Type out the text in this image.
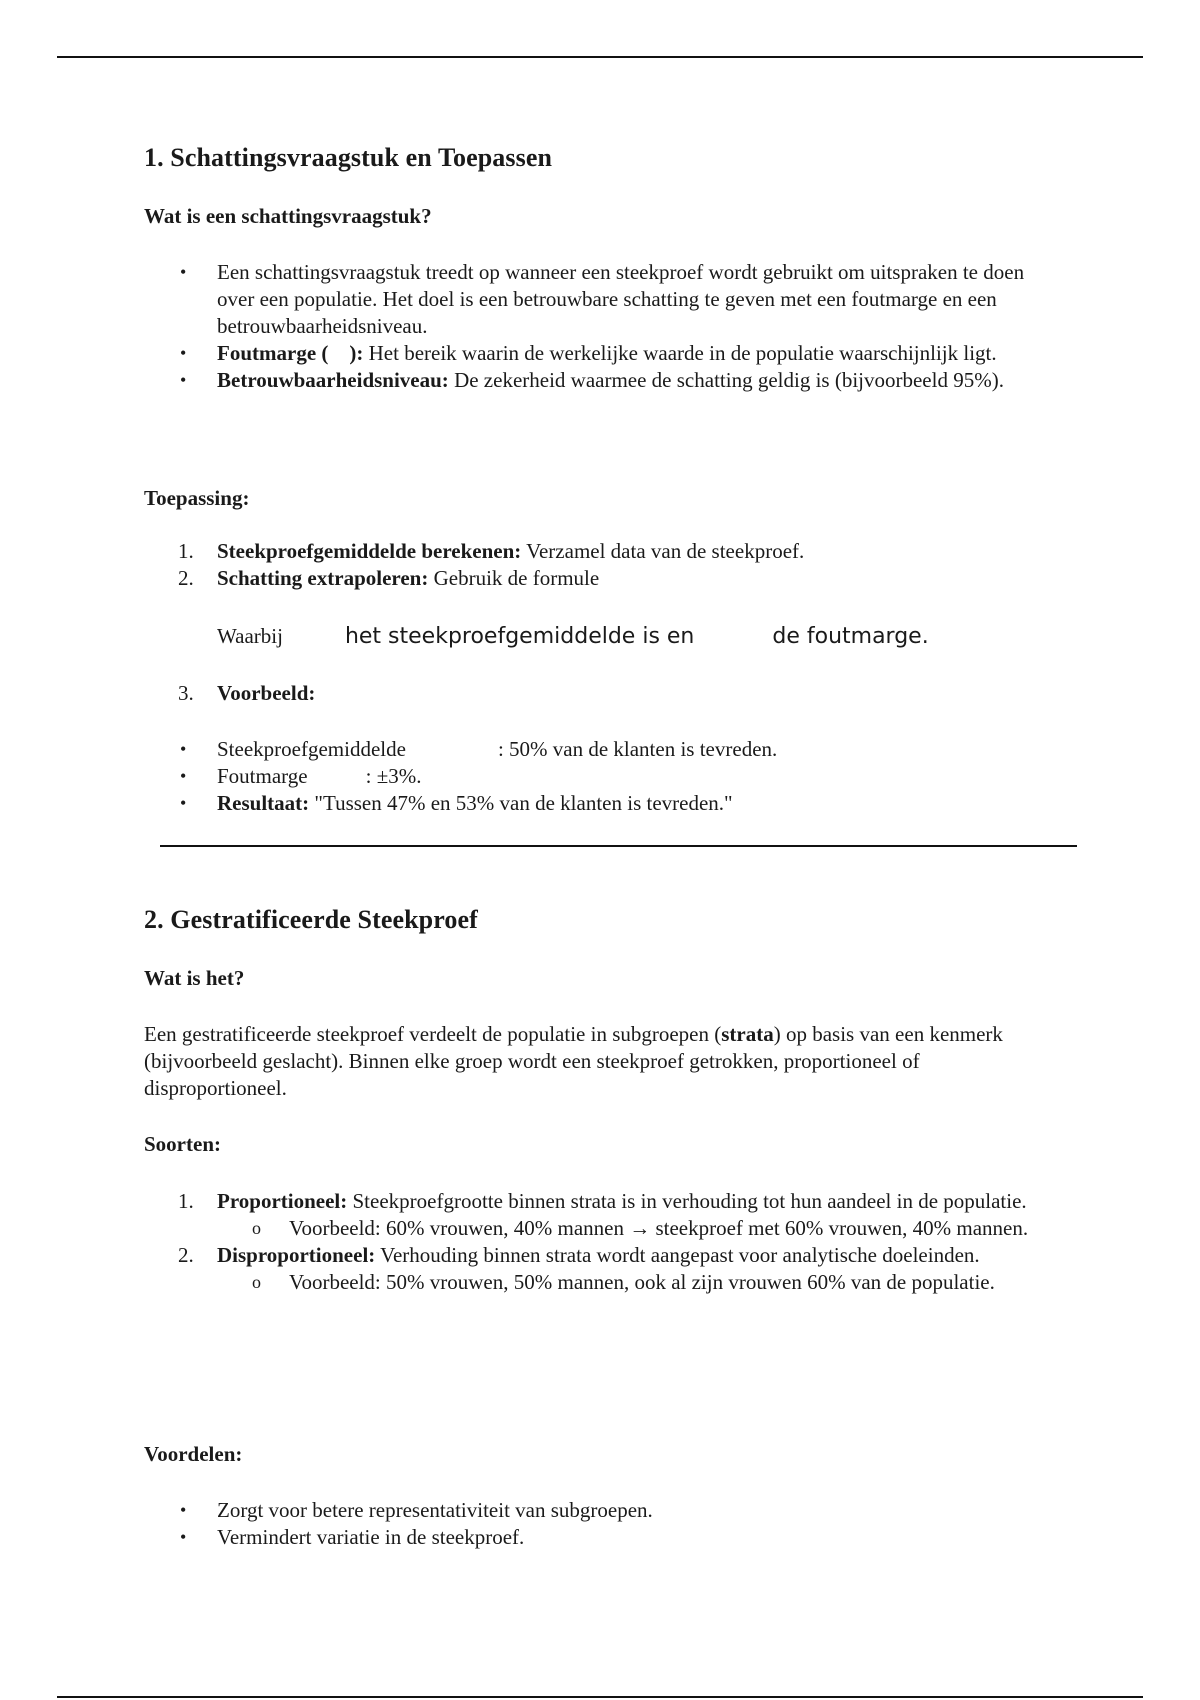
1. Schattingsvraagstuk en Toepassen
Wat is een schattingsvraagstuk?
•	Een schattingsvraagstuk treedt op wanneer een steekproef wordt gebruikt om uitspraken te doen over een populatie. Het doel is een betrouwbare schatting te geven met een foutmarge en een betrouwbaarheidsniveau.
•	Foutmarge ( ): Het bereik waarin de werkelijke waarde in de populatie waarschijnlijk ligt.
•	Betrouwbaarheidsniveau: De zekerheid waarmee de schatting geldig is (bijvoorbeeld 95%).
Toepassing:
1.	Steekproefgemiddelde berekenen: Verzamel data van de steekproef.
2.	Schatting extrapoleren: Gebruik de formule
Waarbij	het steekproefgemiddelde is en	de foutmarge.
3.	Voorbeeld:
•	Steekproefgemiddelde	: 50% van de klanten is tevreden.
•	Foutmarge	: ±3%.
•	Resultaat: "Tussen 47% en 53% van de klanten is tevreden."
2. Gestratificeerde Steekproef
Wat is het?
Een gestratificeerde steekproef verdeelt de populatie in subgroepen (strata) op basis van een kenmerk (bijvoorbeeld geslacht). Binnen elke groep wordt een steekproef getrokken, proportioneel of disproportioneel.
Soorten:
1.	Proportioneel: Steekproefgrootte binnen strata is in verhouding tot hun aandeel in de populatie.
o	Voorbeeld: 60% vrouwen, 40% mannen → steekproef met 60% vrouwen, 40% mannen.
2.	Disproportioneel: Verhouding binnen strata wordt aangepast voor analytische doeleinden.
o	Voorbeeld: 50% vrouwen, 50% mannen, ook al zijn vrouwen 60% van de populatie.
Voordelen:
•	Zorgt voor betere representativiteit van subgroepen.
•	Vermindert variatie in de steekproef.
